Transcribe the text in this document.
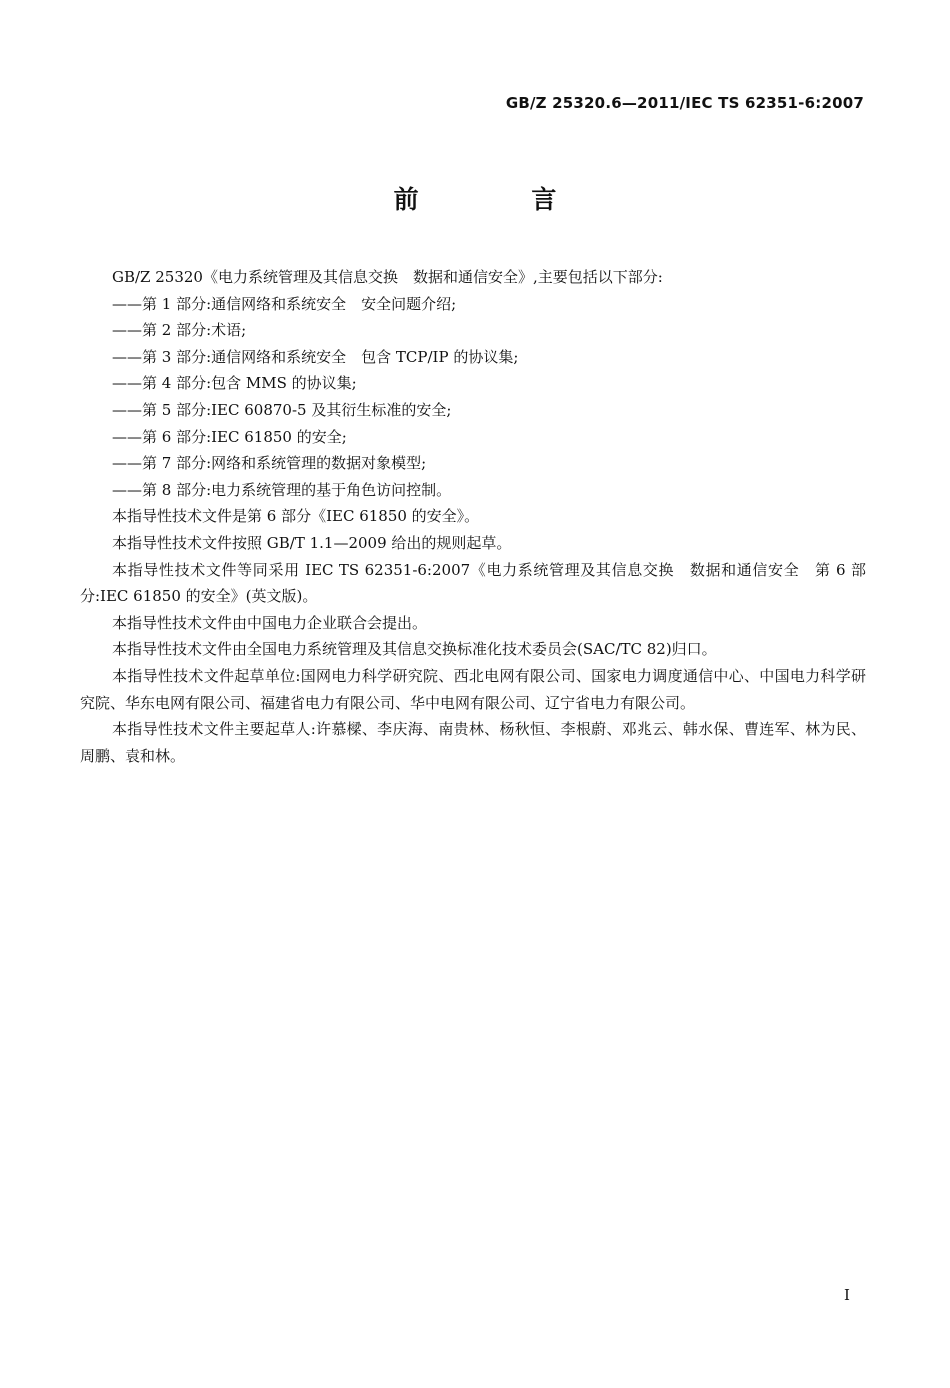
GB/Z 25320.6—2011/IEC TS 62351-6:2007
前 言

GB/Z 25320《电力系统管理及其信息交换　数据和通信安全》,主要包括以下部分:

——第 1 部分:通信网络和系统安全　安全问题介绍;

——第 2 部分:术语;

——第 3 部分:通信网络和系统安全　包含 TCP/IP 的协议集;

——第 4 部分:包含 MMS 的协议集;

——第 5 部分:IEC 60870-5 及其衍生标准的安全;

——第 6 部分:IEC 61850 的安全;

——第 7 部分:网络和系统管理的数据对象模型;

——第 8 部分:电力系统管理的基于角色访问控制。

本指导性技术文件是第 6 部分《IEC 61850 的安全》。

本指导性技术文件按照 GB/T 1.1—2009 给出的规则起草。

本指导性技术文件等同采用 IEC TS 62351-6:2007《电力系统管理及其信息交换　数据和通信安全　第 6 部分:IEC 61850 的安全》(英文版)。

本指导性技术文件由中国电力企业联合会提出。

本指导性技术文件由全国电力系统管理及其信息交换标准化技术委员会(SAC/TC 82)归口。

本指导性技术文件起草单位:国网电力科学研究院、西北电网有限公司、国家电力调度通信中心、中国电力科学研究院、华东电网有限公司、福建省电力有限公司、华中电网有限公司、辽宁省电力有限公司。

本指导性技术文件主要起草人:许慕樑、李庆海、南贵林、杨秋恒、李根蔚、邓兆云、韩水保、曹连军、林为民、周鹏、袁和林。

I
